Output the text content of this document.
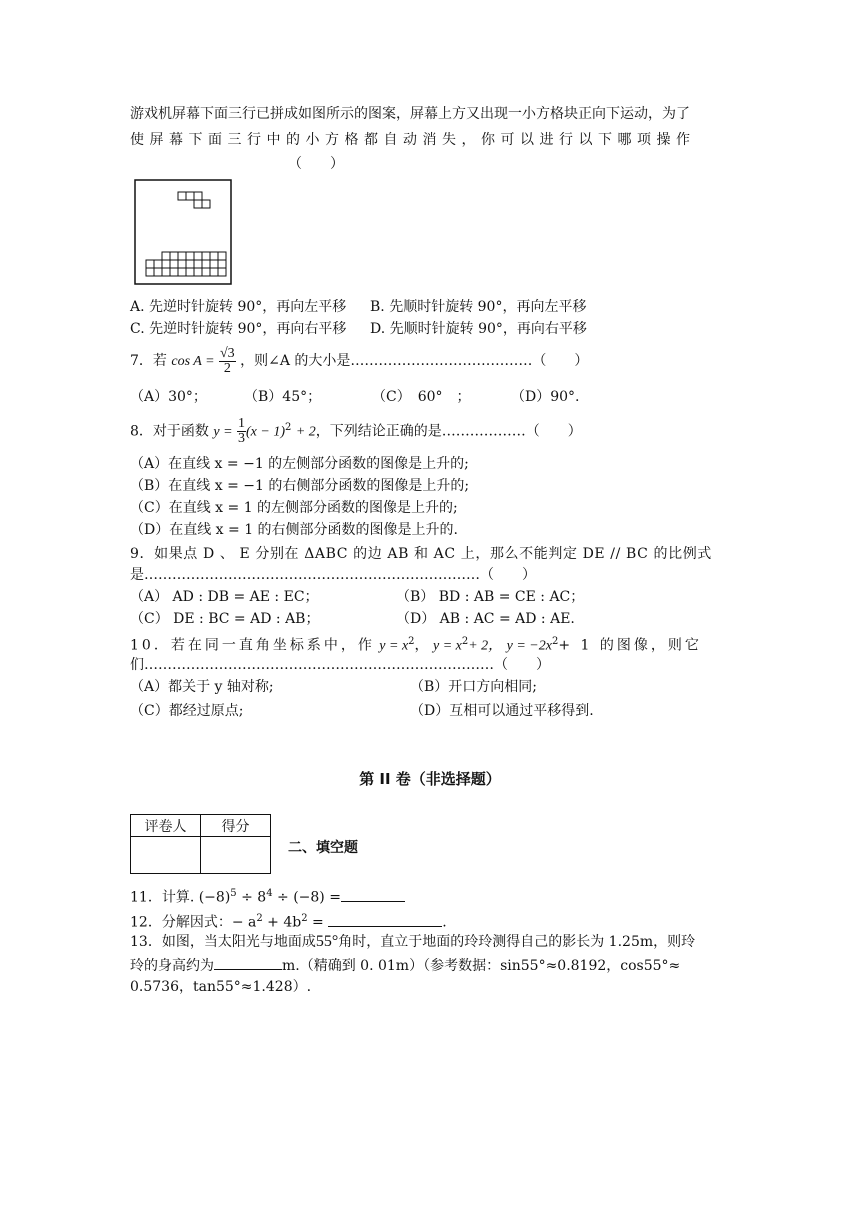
游戏机屏幕下面三行已拼成如图所示的图案，屏幕上方又出现一小方格块正向下运动，为了
使屏幕下面三行中的小方格都自动消失，你可以进行以下哪项操作
（　　）
A. 先逆时针旋转 90°，再向左平移 B. 先顺时针旋转 90°，再向左平移
C. 先逆时针旋转 90°，再向右平移 D. 先顺时针旋转 90°，再向右平移
7．若 $\cos A = \frac{√3}{2}$ ，则∠A 的大小是…………………………………（　　）
（A）30°；	（B）45°；	（C）　60°　；	（D）90°.
8．对于函数 $y = \frac{1}{3} (x - 1)^2 + 2$，下列结论正确的是………………（　　）
（A）在直线 x = −1 的左侧部分函数的图像是上升的;
（B）在直线 x = −1 的右侧部分函数的图像是上升的;
（C）在直线 x = 1 的左侧部分函数的图像是上升的;
（D）在直线 x = 1 的右侧部分函数的图像是上升的.
9．如果点 D 、 E 分别在 ΔABC 的边 AB 和 AC 上，那么不能判定 DE // BC 的比例式
是………………………………………………………………（　　）
（A） AD : DB = AE : EC；	（B） BD : AB = CE : AC；
（C） DE : BC = AD : AB；	（D） AB : AC = AD : AE.
10．若在同一直角坐标系中，作 $y = x^2$， $y = x^2+ 2$， $y = -2x^2+ 1$ 的图像，则它
们…………………………………………………………………（　　）
（A）都关于 y 轴对称;	（B）开口方向相同;
（C）都经过原点;	（D）互相可以通过平移得到.
第 II 卷（非选择题）
评卷人	得分

二、填空题
11．计算. $(-8)^5 \div 8^4 \div (-8)$ =
12．分解因式：− $a^2 + 4b^2$ =	.
13．如图，当太阳光与地面成55°角时，直立于地面的玲玲测得自己的影长为 1.25m，则玲
玲的身高约为	m.（精确到 0. 01m）（参考数据：sin55°≈0.8192，cos55°≈
0.5736，tan55°≈1.428）.
